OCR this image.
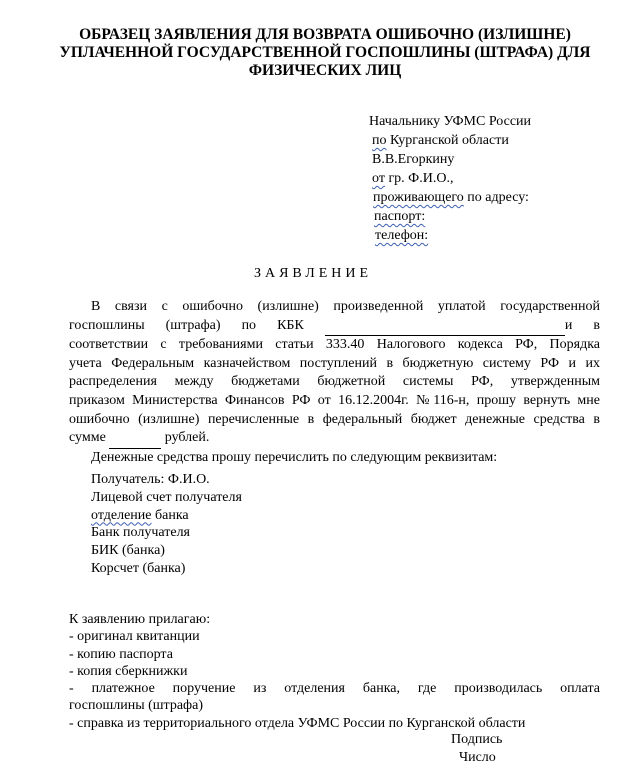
ОБРАЗЕЦ ЗАЯВЛЕНИЯ ДЛЯ ВОЗВРАТА ОШИБОЧНО (ИЗЛИШНЕ)
УПЛАЧЕННОЙ ГОСУДАРСТВЕННОЙ ГОСПОШЛИНЫ (ШТРАФА) ДЛЯ
ФИЗИЧЕСКИХ ЛИЦ
Начальнику УФМС России
по Курганской области
В.В.Егоркину
от гр. Ф.И.О.,
проживающего по адресу:
паспорт:
телефон:
ЗАЯВЛЕНИЕ
В связи с ошибочно (излишне) произведенной уплатой государственной
госпошлины (штрафа) по КБК	и в
соответствии с требованиями статьи 333.40 Налогового кодекса РФ, Порядка
учета Федеральным казначейством поступлений в бюджетную систему РФ и их
распределения между бюджетами бюджетной системы РФ, утвержденным
приказом Министерства Финансов РФ от 16.12.2004г. №116-н, прошу вернуть мне
ошибочно (излишне) перечисленные в федеральный бюджет денежные средства в
сумме	рублей.
Денежные средства прошу перечислить по следующим реквизитам:
Получатель: Ф.И.О.
Лицевой счет получателя
отделение банка
Банк получателя
БИК (банка)
Корсчет (банка)
К заявлению прилагаю:
- оригинал квитанции
- копию паспорта
- копия сберкнижки
- платежное поручение из отделения банка, где производилась оплата
госпошлины (штрафа)
- справка из территориального отдела УФМС России по Курганской области
Подпись
Число
